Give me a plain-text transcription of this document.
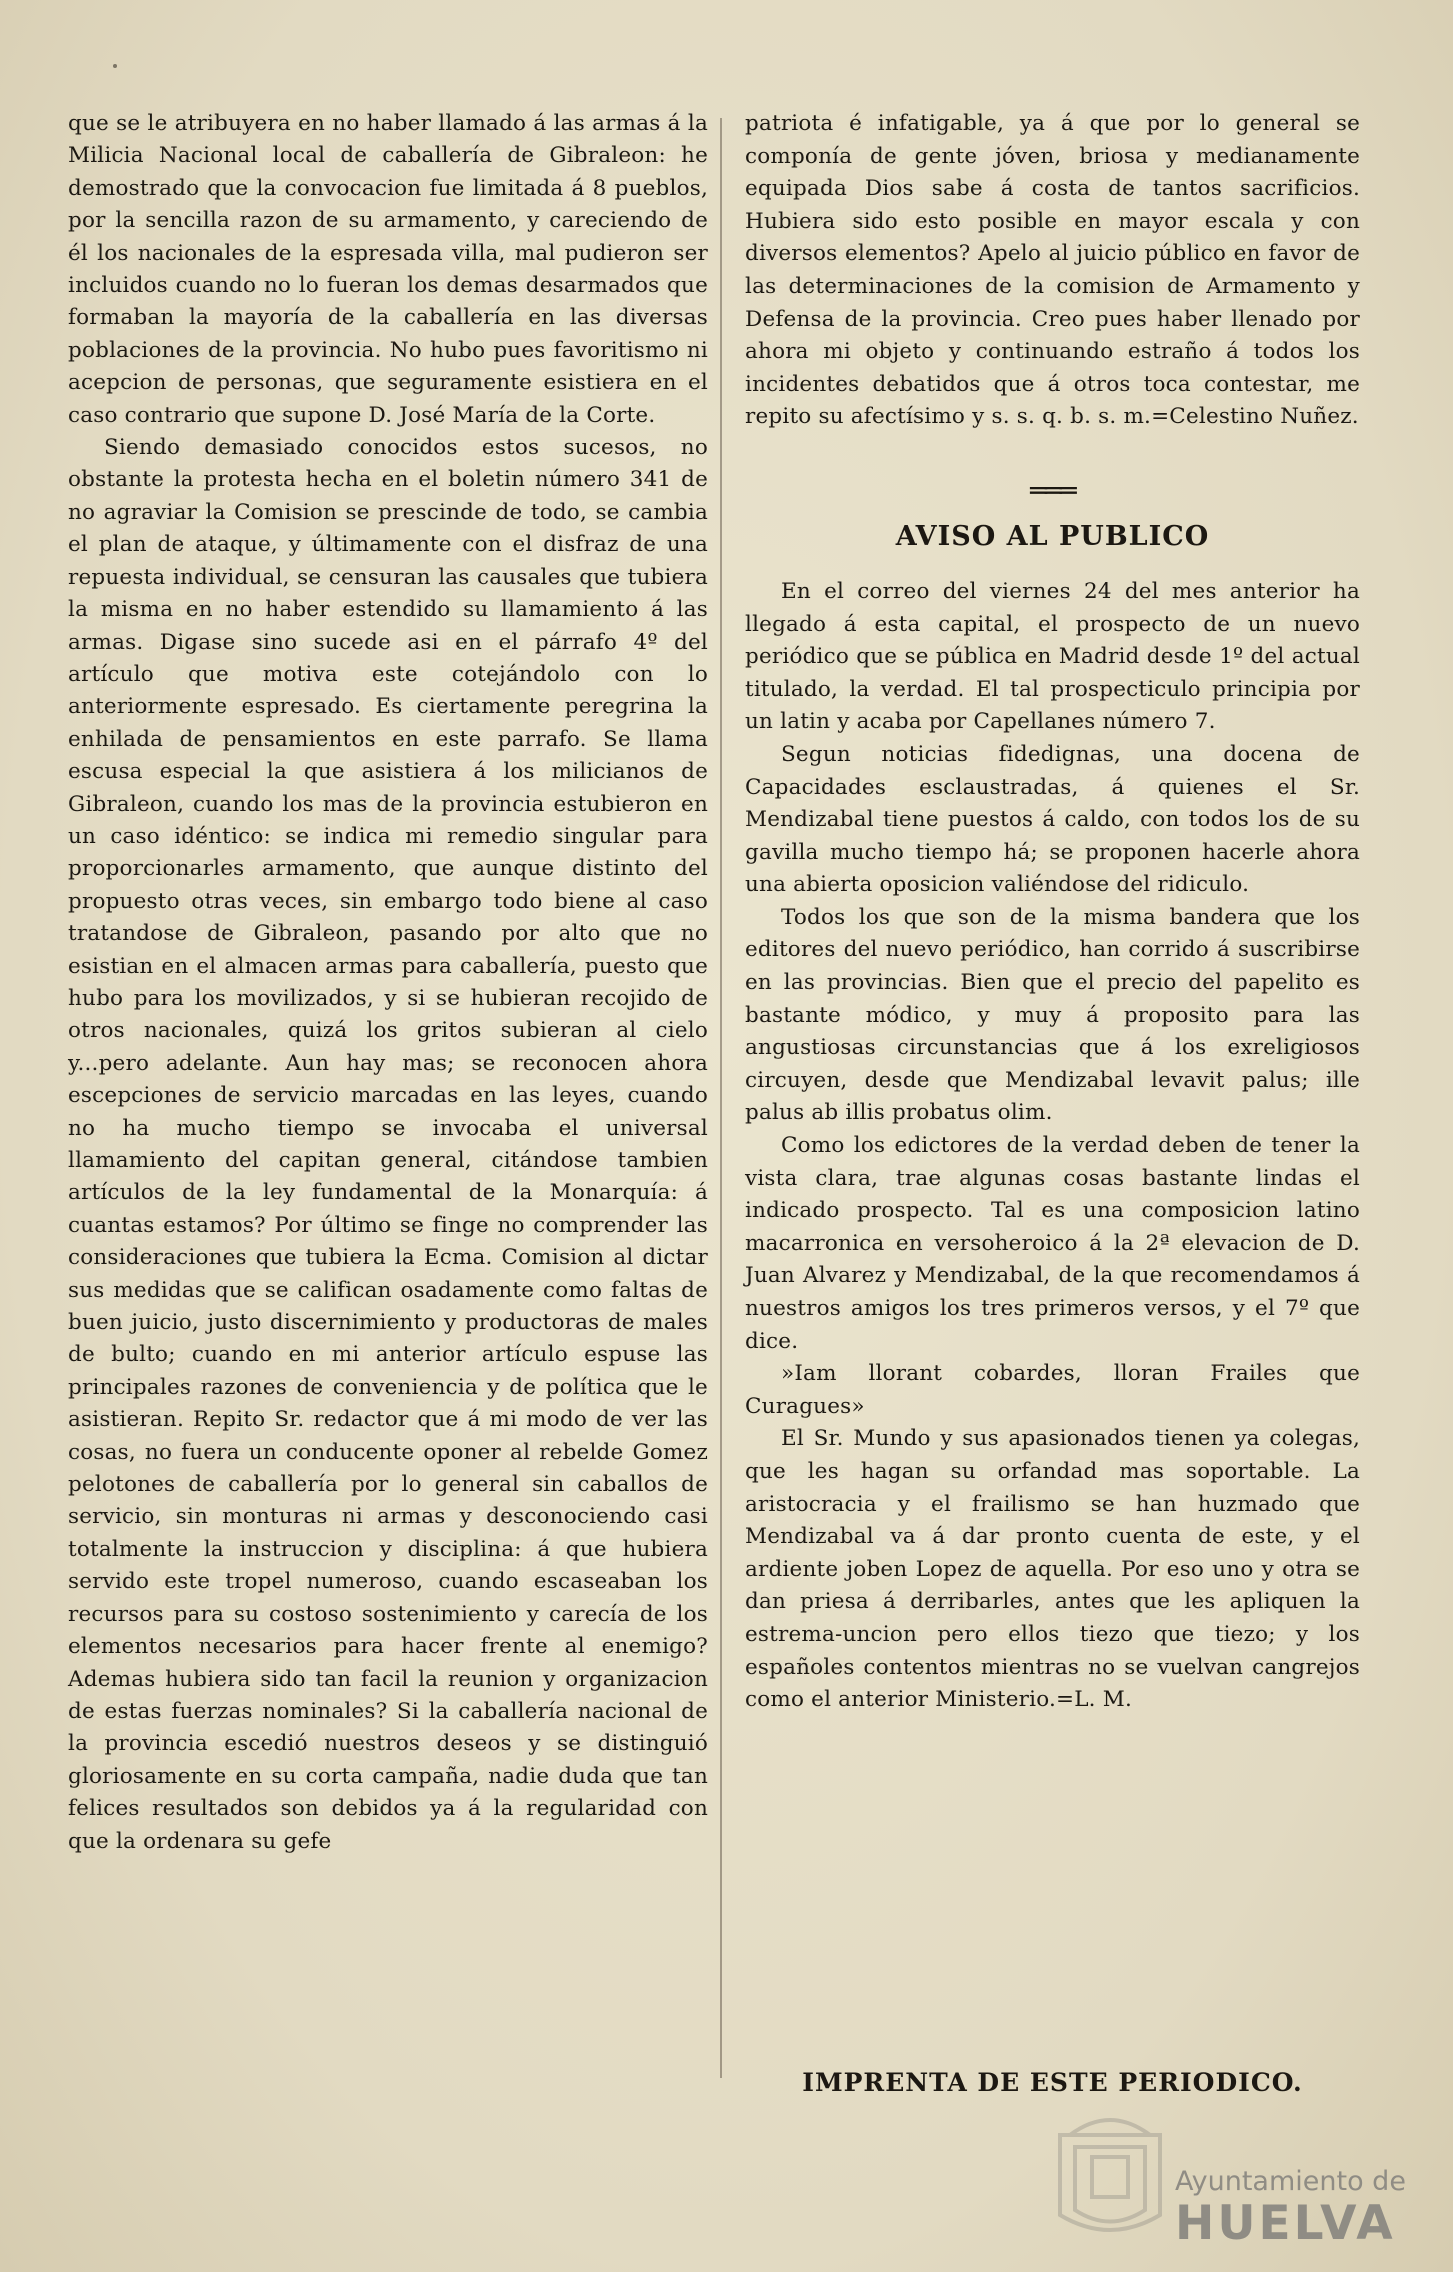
que se le atribuyera en no haber llamado á las armas á la Milicia Nacional local de caballería de Gibraleon: he demostrado que la convocacion fue limitada á 8 pueblos, por la sencilla razon de su armamento, y careciendo de él los nacionales de la espresada villa, mal pudieron ser incluidos cuando no lo fueran los demas desarmados que formaban la mayoría de la caballería en las diversas poblaciones de la provincia. No hubo pues favoritismo ni acepcion de personas, que seguramente esistiera en el caso contrario que supone D. José María de la Corte.

Siendo demasiado conocidos estos sucesos, no obstante la protesta hecha en el boletin número 341 de no agraviar la Comision se prescinde de todo, se cambia el plan de ataque, y últimamente con el disfraz de una repuesta individual, se censuran las causales que tubiera la misma en no haber estendido su llamamiento á las armas. Digase sino sucede asi en el párrafo 4º del artículo que motiva este cotejándolo con lo anteriormente espresado. Es ciertamente peregrina la enhilada de pensamientos en este parrafo. Se llama escusa especial la que asistiera á los milicianos de Gibraleon, cuando los mas de la provincia estubieron en un caso idéntico: se indica mi remedio singular para proporcionarles armamento, que aunque distinto del propuesto otras veces, sin embargo todo biene al caso tratandose de Gibraleon, pasando por alto que no esistian en el almacen armas para caballería, puesto que hubo para los movilizados, y si se hubieran recojido de otros nacionales, quizá los gritos subieran al cielo y...pero adelante. Aun hay mas; se reconocen ahora escepciones de servicio marcadas en las leyes, cuando no ha mucho tiempo se invocaba el universal llamamiento del capitan general, citándose tambien artículos de la ley fundamental de la Monarquía: á cuantas estamos? Por último se finge no comprender las consideraciones que tubiera la Ecma. Comision al dictar sus medidas que se califican osadamente como faltas de buen juicio, justo discernimiento y productoras de males de bulto; cuando en mi anterior artículo espuse las principales razones de conveniencia y de política que le asistieran. Repito Sr. redactor que á mi modo de ver las cosas, no fuera un conducente oponer al rebelde Gomez pelotones de caballería por lo general sin caballos de servicio, sin monturas ni armas y desconociendo casi totalmente la instruccion y disciplina: á que hubiera servido este tropel numeroso, cuando escaseaban los recursos para su costoso sostenimiento y carecía de los elementos necesarios para hacer frente al enemigo? Ademas hubiera sido tan facil la reunion y organizacion de estas fuerzas nominales? Si la caballería nacional de la provincia escedió nuestros deseos y se distinguió gloriosamente en su corta campaña, nadie duda que tan felices resultados son debidos ya á la regularidad con que la ordenara su gefe

patriota é infatigable, ya á que por lo general se componía de gente jóven, briosa y medianamente equipada Dios sabe á costa de tantos sacrificios. Hubiera sido esto posible en mayor escala y con diversos elementos? Apelo al juicio público en favor de las determinaciones de la comision de Armamento y Defensa de la provincia. Creo pues haber llenado por ahora mi objeto y continuando estraño á todos los incidentes debatidos que á otros toca contestar, me repito su afectísimo y s. s. q. b. s. m.=Celestino Nuñez.

═══
AVISO AL PUBLICO

En el correo del viernes 24 del mes anterior ha llegado á esta capital, el prospecto de un nuevo periódico que se pública en Madrid desde 1º del actual titulado, la verdad. El tal prospecticulo principia por un latin y acaba por Capellanes número 7.

Segun noticias fidedignas, una docena de Capacidades esclaustradas, á quienes el Sr. Mendizabal tiene puestos á caldo, con todos los de su gavilla mucho tiempo há; se proponen hacerle ahora una abierta oposicion valiéndose del ridiculo.

Todos los que son de la misma bandera que los editores del nuevo periódico, han corrido á suscribirse en las provincias. Bien que el precio del papelito es bastante módico, y muy á proposito para las angustiosas circunstancias que á los exreligiosos circuyen, desde que Mendizabal levavit palus; ille palus ab illis probatus olim.

Como los edictores de la verdad deben de tener la vista clara, trae algunas cosas bastante lindas el indicado prospecto. Tal es una composicion latino macarronica en versoheroico á la 2ª elevacion de D. Juan Alvarez y Mendizabal, de la que recomendamos á nuestros amigos los tres primeros versos, y el 7º que dice.

»Iam llorant cobardes, lloran Frailes que Curagues»

El Sr. Mundo y sus apasionados tienen ya colegas, que les hagan su orfandad mas soportable. La aristocracia y el frailismo se han huzmado que Mendizabal va á dar pronto cuenta de este, y el ardiente joben Lopez de aquella. Por eso uno y otra se dan priesa á derribarles, antes que les apliquen la estrema-uncion pero ellos tiezo que tiezo; y los españoles contentos mientras no se vuelvan cangrejos como el anterior Ministerio.=L. M.

IMPRENTA DE ESTE PERIODICO.
Ayuntamiento de
HUELVA
